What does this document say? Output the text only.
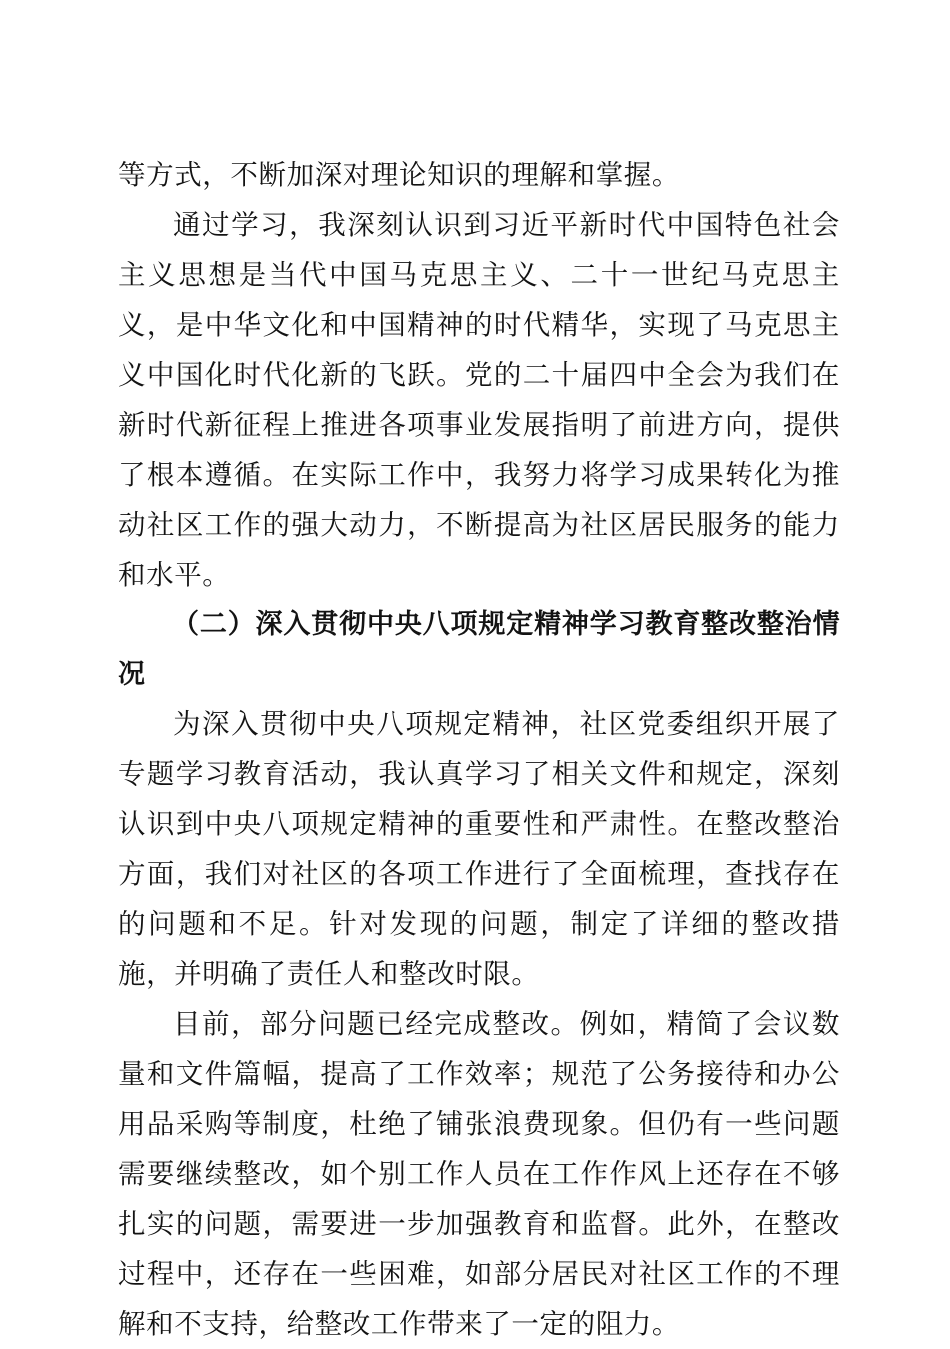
等方式，不断加深对理论知识的理解和掌握。

通过学习，我深刻认识到习近平新时代中国特色社会主义思想是当代中国马克思主义、二十一世纪马克思主义，是中华文化和中国精神的时代精华，实现了马克思主义中国化时代化新的飞跃。党的二十届四中全会为我们在新时代新征程上推进各项事业发展指明了前进方向，提供了根本遵循。在实际工作中，我努力将学习成果转化为推动社区工作的强大动力，不断提高为社区居民服务的能力和水平。

（二）深入贯彻中央八项规定精神学习教育整改整治情况

为深入贯彻中央八项规定精神，社区党委组织开展了专题学习教育活动，我认真学习了相关文件和规定，深刻认识到中央八项规定精神的重要性和严肃性。在整改整治方面，我们对社区的各项工作进行了全面梳理，查找存在的问题和不足。针对发现的问题，制定了详细的整改措施，并明确了责任人和整改时限。

目前，部分问题已经完成整改。例如，精简了会议数量和文件篇幅，提高了工作效率；规范了公务接待和办公用品采购等制度，杜绝了铺张浪费现象。但仍有一些问题需要继续整改，如个别工作人员在工作作风上还存在不够扎实的问题，需要进一步加强教育和监督。此外，在整改过程中，还存在一些困难，如部分居民对社区工作的不理解和不支持，给整改工作带来了一定的阻力。
